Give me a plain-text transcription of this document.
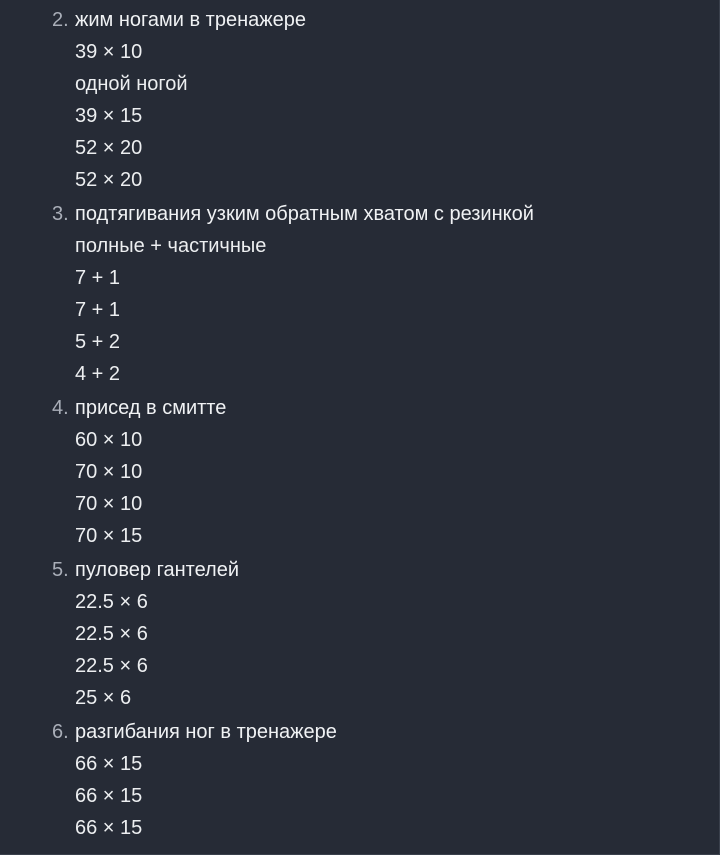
2. жим ногами в тренажере
39 × 10
одной ногой
39 × 15
52 × 20
52 × 20
3. подтягивания узким обратным хватом с резинкой
полные + частичные
7 + 1
7 + 1
5 + 2
4 + 2
4. присед в смитте
60 × 10
70 × 10
70 × 10
70 × 15
5. пуловер гантелей
22.5 × 6
22.5 × 6
22.5 × 6
25 × 6
6. разгибания ног в тренажере
66 × 15
66 × 15
66 × 15
